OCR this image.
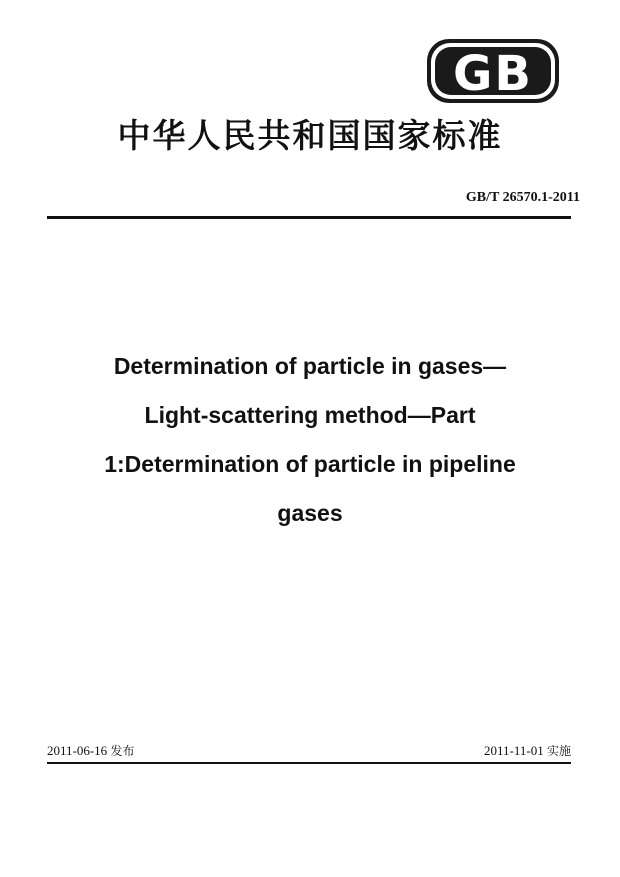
GB
中华人民共和国国家标准
GB/T 26570.1-2011
Determination of particle in gases—
Light-scattering method—Part
1:Determination of particle in pipeline
gases
2011-06-16 发布	2011-11-01 实施
